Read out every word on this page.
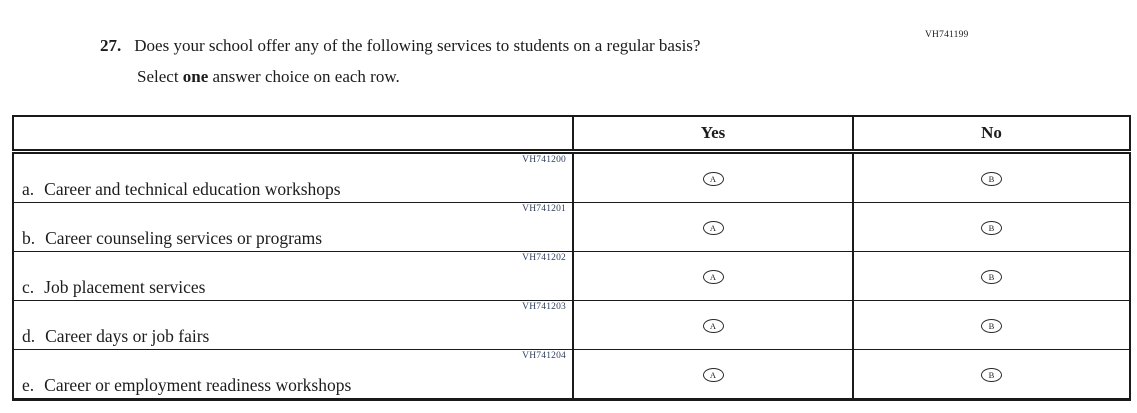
27. Does your school offer any of the following services to students on a regular basis?
Select one answer choice on each row.
VH741199
	Yes	No

VH741200
a. Career and technical education workshops	A	B

VH741201
b. Career counseling services or programs	A	B

VH741202
c. Job placement services	A	B

VH741203
d. Career days or job fairs	A	B

VH741204
e. Career or employment readiness workshops	A	B
